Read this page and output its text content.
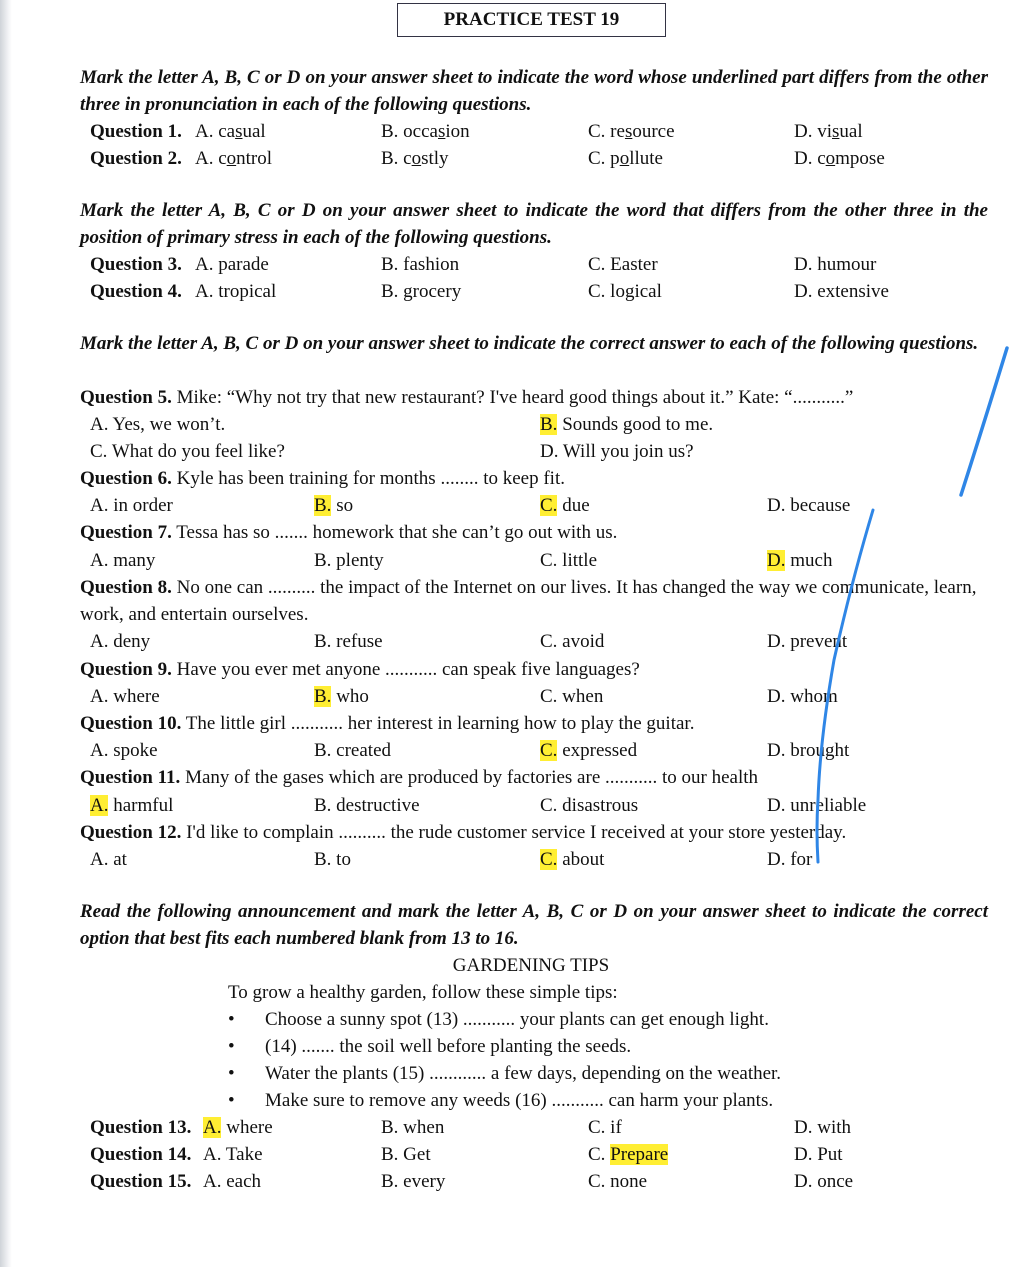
PRACTICE TEST 19
Mark the letter A, B, C or D on your answer sheet to indicate the word whose underlined part differs from the other three in pronunciation in each of the following questions.
Question 1. A. casual	B. occasion	C. resource	D. visual
Question 2. A. control	B. costly	C. pollute	D. compose
Mark the letter A, B, C or D on your answer sheet to indicate the word that differs from the other three in the position of primary stress in each of the following questions.
Question 3. A. parade	B. fashion	C. Easter	D. humour
Question 4. A. tropical	B. grocery	C. logical	D. extensive
Mark the letter A, B, C or D on your answer sheet to indicate the correct answer to each of the following questions.
Question 5. Mike: “Why not try that new restaurant? I've heard good things about it.” Kate: “...........”
A. Yes, we won’t.	B. Sounds good to me.
C. What do you feel like?	D. Will you join us?
Question 6. Kyle has been training for months ........ to keep fit.
A. in order	B. so	C. due	D. because
Question 7. Tessa has so ....... homework that she can’t go out with us.
A. many	B. plenty	C. little	D. much
Question 8. No one can .......... the impact of the Internet on our lives. It has changed the way we communicate, learn, work, and entertain ourselves.
A. deny	B. refuse	C. avoid	D. prevent
Question 9. Have you ever met anyone ........... can speak five languages?
A. where	B. who	C. when	D. whom
Question 10. The little girl ........... her interest in learning how to play the guitar.
A. spoke	B. created	C. expressed	D. brought
Question 11. Many of the gases which are produced by factories are ........... to our health
A. harmful	B. destructive	C. disastrous	D. unreliable
Question 12. I'd like to complain .......... the rude customer service I received at your store yesterday.
A. at	B. to	C. about	D. for
Read the following announcement and mark the letter A, B, C or D on your answer sheet to indicate the correct option that best fits each numbered blank from 13 to 16.
GARDENING TIPS
To grow a healthy garden, follow these simple tips:
• Choose a sunny spot (13) ........... your plants can get enough light.
• (14) ....... the soil well before planting the seeds.
• Water the plants (15) ............ a few days, depending on the weather.
• Make sure to remove any weeds (16) ........... can harm your plants.
Question 13. A. where	B. when	C. if	D. with
Question 14. A. Take	B. Get	C. Prepare	D. Put
Question 15. A. each	B. every	C. none	D. once
